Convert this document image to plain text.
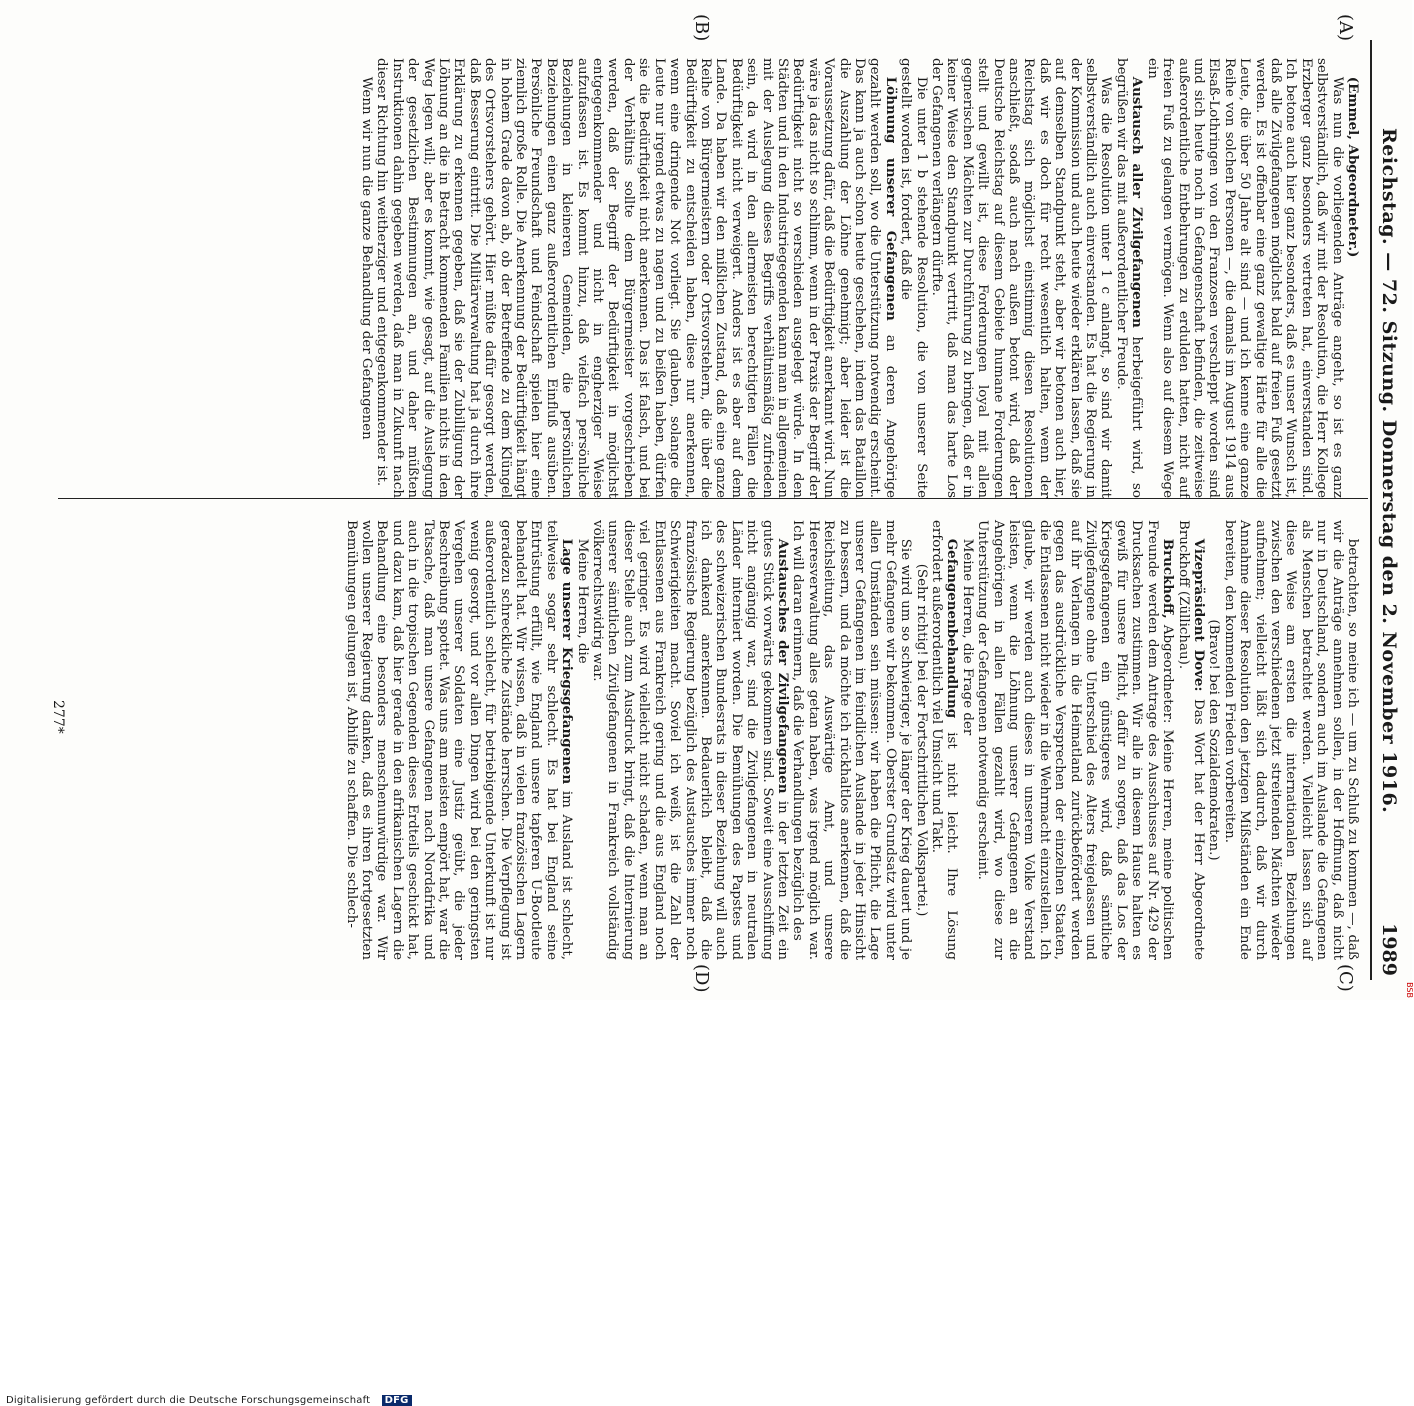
BSB
Reichstag. — 72. Sitzung. Donnerstag den 2. November 1916.
1989
(A)
(B)
(C)
(D)

(Emmel, Abgeordneter.)

Was nun die vorliegenden Anträge angeht, so ist es ganz selbstverständlich, daß wir mit der Resolution, die Herr Kollege Erzberger ganz besonders vertreten hat, einverstanden sind. Ich betone auch hier ganz besonders, daß es unser Wunsch ist, daß alle Zivilgefangenen möglichst bald auf freien Fuß gesetzt werden. Es ist offenbar eine ganz gewaltige Härte für alle die Leute, die über 50 Jahre alt sind — und ich kenne eine ganze Reihe von solchen Personen —, die damals im August 1914 aus Elsaß-Lothringen von den Franzosen verschleppt worden sind und sich heute noch in Gefangenschaft befinden, die zeitweise außerordentliche Entbehrungen zu erdulden hatten, nicht auf freien Fuß zu gelangen vermögen. Wenn also auf diesem Wege ein

Austausch aller Zivilgefangenen herbeigeführt wird, so begrüßen wir das mit außerordentlicher Freude.

Was die Resolution unter 1 c anlangt, so sind wir damit selbstverständlich auch einverstanden. Es hat die Regierung in der Kommission und auch heute wieder erklären lassen, daß sie auf demselben Standpunkt steht, aber wir betonen auch hier, daß wir es doch für recht wesentlich halten, wenn der Reichstag sich möglichst einstimmig diesen Resolutionen anschließt, sodaß auch nach außen betont wird, daß der Deutsche Reichstag auf diesem Gebiete humane Forderungen stellt und gewillt ist, diese Forderungen loyal mit allen gegnerischen Mächten zur Durchführung zu bringen, daß er in keiner Weise den Standpunkt vertritt, daß man das harte Los der Gefangenen verlängern dürfte.

Die unter 1 b stehende Resolution, die von unserer Seite gestellt worden ist, fordert, daß die

Löhnung unserer Gefangenen an deren Angehörige gezahlt werden soll, wo die Unterstützung notwendig erscheint. Das kann ja auch schon heute geschehen, indem das Bataillon die Auszahlung der Löhne genehmigt; aber leider ist die Voraussetzung dafür, daß die Bedürftigkeit anerkannt wird. Nun wäre ja das nicht so schlimm, wenn in der Praxis der Begriff der Bedürftigkeit nicht so verschieden ausgelegt würde. In den Städten und in den Industriegegenden kann man in allgemeinen mit der Auslegung dieses Begriffs verhältnismäßig zufrieden sein, da wird in den allermeisten berechtigten Fällen die Bedürftigkeit nicht verweigert. Anders ist es aber auf dem Lande. Da haben wir den mißlichen Zustand, daß eine ganze Reihe von Bürgermeistern oder Ortsvorstehern, die über die Bedürftigkeit zu entscheiden haben, diese nur anerkennen, wenn eine dringende Not vorliegt. Sie glauben, solange die Leute nur irgend etwas zu nagen und zu beißen haben, dürfen sie die Bedürftigkeit nicht anerkennen. Das ist falsch, und bei der Verhältnis sollte dem Bürgermeister vorgeschrieben werden, daß der Begriff der Bedürftigkeit in möglichst entgegenkommender und nicht in engherziger Weise aufzufassen ist. Es kommt hinzu, daß vielfach persönliche Beziehungen in kleineren Gemeinden, die persönlichen Beziehungen einen ganz außerordentlichen Einfluß ausüben. Persönliche Freundschaft und Feindschaft spielen hier eine ziemlich große Rolle. Die Anerkennung der Bedürftigkeit hängt in hohem Grade davon ab, ob der Betreffende zu dem Klüngel des Ortsvorstehers gehört. Hier müßte dafür gesorgt werden, daß Besserung eintritt. Die Militärverwaltung hat ja durch ihre Erklärung zu erkennen gegeben, daß sie der Zubilligung der Löhnung an die in Betracht kommenden Familien nichts in den Weg legen will; aber es kommt, wie gesagt, auf die Auslegung der gesetzlichen Bestimmungen an, und daher müßten Instruktionen dahin gegeben werden, daß man in Zukunft nach dieser Richtung hin weitherziger und entgegenkommender ist.

Wenn wir nun die ganze Behandlung der Gefangenen

betrachten, so meine ich — um zu Schluß zu kommen —, daß wir die Anträge annehmen sollen, in der Hoffnung, daß nicht nur in Deutschland, sondern auch im Auslande die Gefangenen als Menschen betrachtet werden. Vielleicht lassen sich auf diese Weise am ersten die internationalen Beziehungen zwischen den verschiedenen jetzt streitenden Mächten wieder aufnehmen; vielleicht läßt sich dadurch, daß wir durch Annahme dieser Resolution den jetzigen Mißständen ein Ende bereiten, den kommenden Frieden vorbereiten.

(Bravo! bei den Sozialdemokraten.)

Vizepräsident Dove: Das Wort hat der Herr Abgeordnete Bruckhoff (Züllichau).

Bruckhoff, Abgeordneter: Meine Herren, meine politischen Freunde werden dem Antrage des Ausschusses auf Nr. 429 der Drucksachen zustimmen. Wir alle in diesem Hause halten es gewiß für unsere Pflicht, dafür zu sorgen, daß das Los der Kriegsgefangenen ein günstigeres wird, daß sämtliche Zivilgefangene ohne Unterschied des Alters freigelassen und auf ihr Verlangen in die Heimatland zurückbefördert werden gegen das ausdrückliche Versprechen der einzelnen Staaten, die Entlassenen nicht wieder in die Wehrmacht einzustellen. Ich glaube, wir werden auch dieses in unserem Volke Verstand leisten, wenn die Löhnung unserer Gefangenen an die Angehörigen in allen Fällen gezahlt wird, wo diese zur Unterstützung der Gefangenen notwendig erscheint.

Meine Herren, die Frage der

Gefangenenbehandlung ist nicht leicht. Ihre Lösung erfordert außerordentlich viel Umsicht und Takt.

(Sehr richtig! bei der Fortschrittlichen Volkspartei.)

Sie wird um so schwieriger, je länger der Krieg dauert und je mehr Gefangene wir bekommen. Oberster Grundsatz wird unter allen Umständen sein müssen: wir haben die Pflicht, die Lage unserer Gefangenen im feindlichen Auslande in jeder Hinsicht zu bessern, und da möchte ich rückhaltlos anerkennen, daß die Reichsleitung, das Auswärtige Amt, und unsere Heeresverwaltung alles getan haben, was irgend möglich war. Ich will daran erinnern, daß die Verhandlungen bezüglich des

Austausches der Zivilgefangenen in der letzten Zeit ein gutes Stück vorwärts gekommen sind. Soweit eine Ausschiffung nicht angängig war, sind die Zivilgefangenen in neutralen Länder interniert worden. Die Bemühungen des Papstes und des schweizerischen Bundesrats in dieser Beziehung will auch ich dankend anerkennen. Bedauerlich bleibt, daß die französische Regierung bezüglich des Austausches immer noch Schwierigkeiten macht. Soviel ich weiß, ist die Zahl der Entlassenen aus Frankreich gering und die aus England noch viel geringer. Es wird vielleicht nicht schaden, wenn man an dieser Stelle auch zum Ausdruck bringt, daß die Internierung unserer sämtlichen Zivilgefangenen in Frankreich vollständig völkerrechtswidrig war.

Meine Herren, die

Lage unserer Kriegsgefangenen im Ausland ist schlecht, teilweise sogar sehr schlecht. Es hat bei England seine Entrüstung erfüllt, wie England unsere tapferen U-Bootleute behandelt hat. Wir wissen, daß in vielen französischen Lagern geradezu schreckliche Zustände herrschen. Die Verpflegung ist außerordentlich schlecht, für betriebigende Unterkunft ist nur wenig gesorgt, und vor allen Dingen wird bei den geringsten Vergehen unserer Soldaten eine Justiz geübt, die jeder Beschreibung spottet. Was uns am meisten empört hat, war die Tatsache, daß man unsere Gefangenen nach Nordafrika und auch in die tropischen Gegenden dieses Erdteils geschickt hat, und dazu kam, daß hier gerade in den afrikanischen Lagern die Behandlung eine besonders menschenunwürdige war. Wir wollen unserer Regierung danken, daß es ihren fortgesetzten Bemühungen gelungen ist, Abhilfe zu schaffen. Die schlech-

277*
Digitalisierung gefördert durch die Deutsche Forschungsgemeinschaft DFG
